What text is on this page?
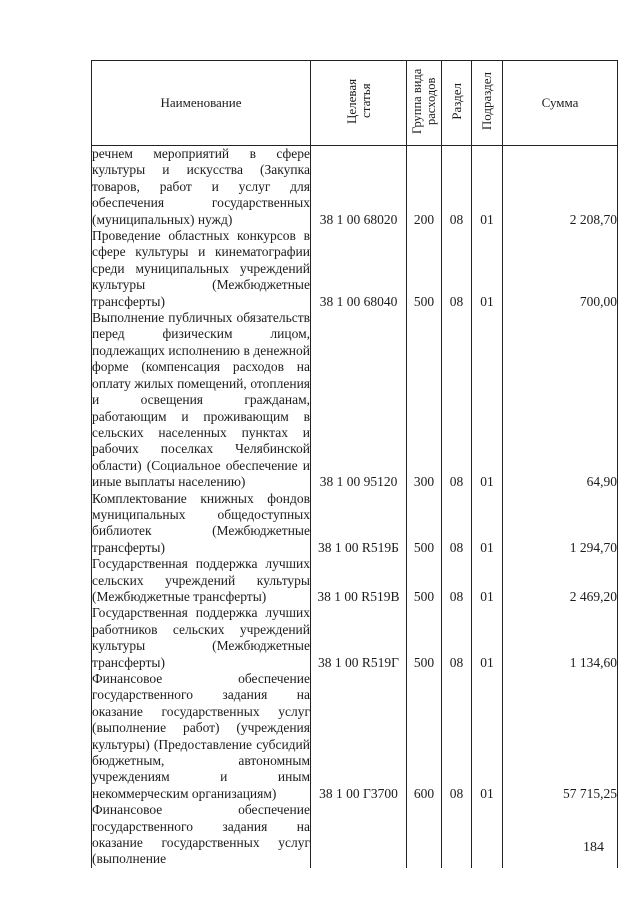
Наименование	Целевая статья	Группа вида расходов	Раздел	Подраздел	Сумма
речнем мероприятий в сфере культуры и искусства (Закупка товаров, работ и услуг для обеспечения государственных (муниципальных) нужд)	38 1 00 68020	200	08	01	2 208,70
Проведение областных конкурсов в сфере культуры и кинематографии среди муниципальных учреждений культуры (Межбюджетные трансферты)	38 1 00 68040	500	08	01	700,00
Выполнение публичных обязательств перед физическим лицом, подлежащих исполнению в денежной форме (компенсация расходов на оплату жилых помещений, отопления и освещения гражданам, работающим и проживающим в сельских населенных пунктах и рабочих поселках Челябинской области) (Социальное обеспечение и иные выплаты населению)	38 1 00 95120	300	08	01	64,90
Комплектование книжных фондов муниципальных общедоступных библиотек (Межбюджетные трансферты)	38 1 00 R519Б	500	08	01	1 294,70
Государственная поддержка лучших сельских учреждений культуры (Межбюджетные трансферты)	38 1 00 R519В	500	08	01	2 469,20
Государственная поддержка лучших работников сельских учреждений культуры (Межбюджетные трансферты)	38 1 00 R519Г	500	08	01	1 134,60
Финансовое обеспечение государственного задания на оказание государственных услуг (выполнение работ) (учреждения культуры) (Предоставление субсидий бюджетным, автономным учреждениям и иным некоммерческим организациям)	38 1 00 Г3700	600	08	01	57 715,25
Финансовое обеспечение государственного задания на оказание государственных услуг (выполнение					
184
